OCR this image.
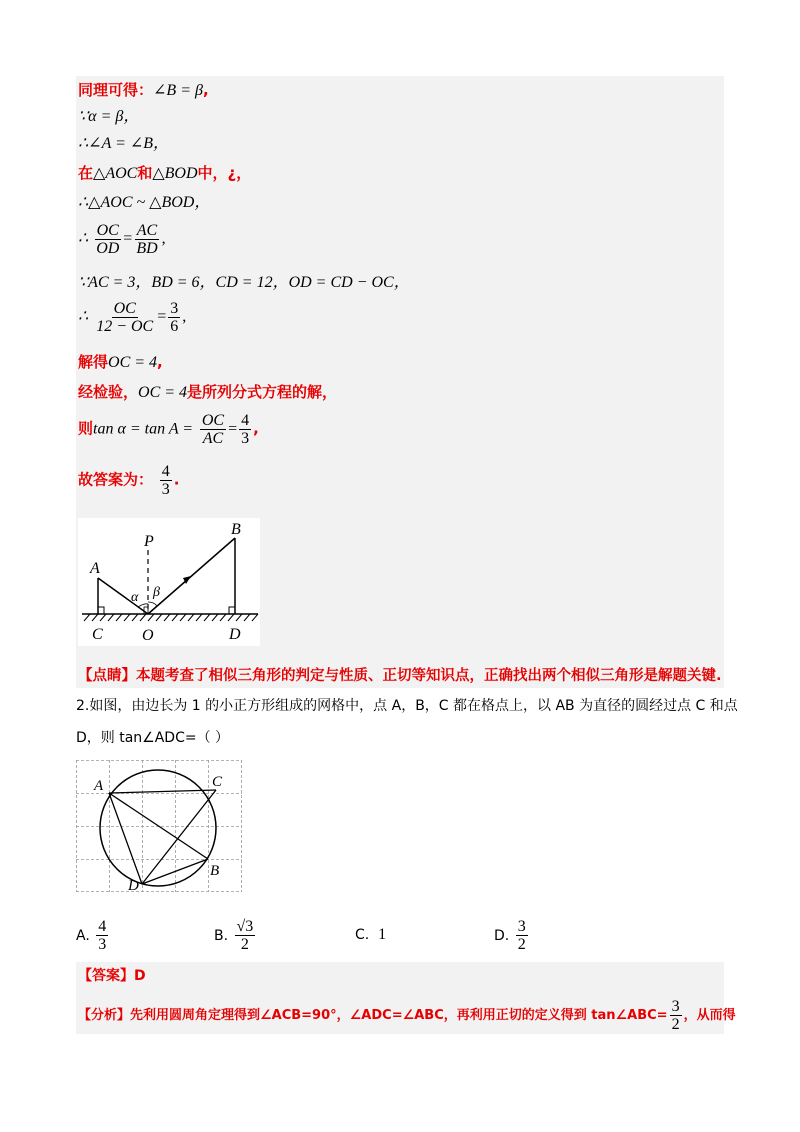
同理可得：∠B = β,
∵α = β，
∴∠A = ∠B，
在△AOC和△BOD中，¿，
∴△AOC ~ △BOD，
∴ $\frac{OC}{OD} = \frac{AC}{BD}$ ,
∵AC = 3，BD = 6，CD = 12，OD = CD − OC，
∴ $\frac{OC}{12 - OC} = \frac{3}{6}$ ,
解得OC = 4,
经检验，OC = 4是所列分式方程的解，
则$\tan \alpha = \tan A = \frac{OC}{AC} = \frac{4}{3}$ ,
故答案为： $\frac{4}{3}$ .
A
P
B
α β
C O	D
【点睛】本题考查了相似三角形的判定与性质、正切等知识点，正确找出两个相似三角形是解题关键.
2.如图，由边长为 1 的小正方形组成的网格中，点 A，B，C 都在格点上，以 AB 为直径的圆经过点 C 和点
D，则 tan∠ADC=（ ）
A	C
B
D
A.
$\frac{4}{3}$	B.
$\frac{√3}{2}$	C.
1	D.
$\frac{3}{2}$
【答案】D
【分析】先利用圆周角定理得到∠ACB=90°，∠ADC=∠ABC，再利用正切的定义得到 tan∠ABC= $\frac{3}{2}$ ，从而得
